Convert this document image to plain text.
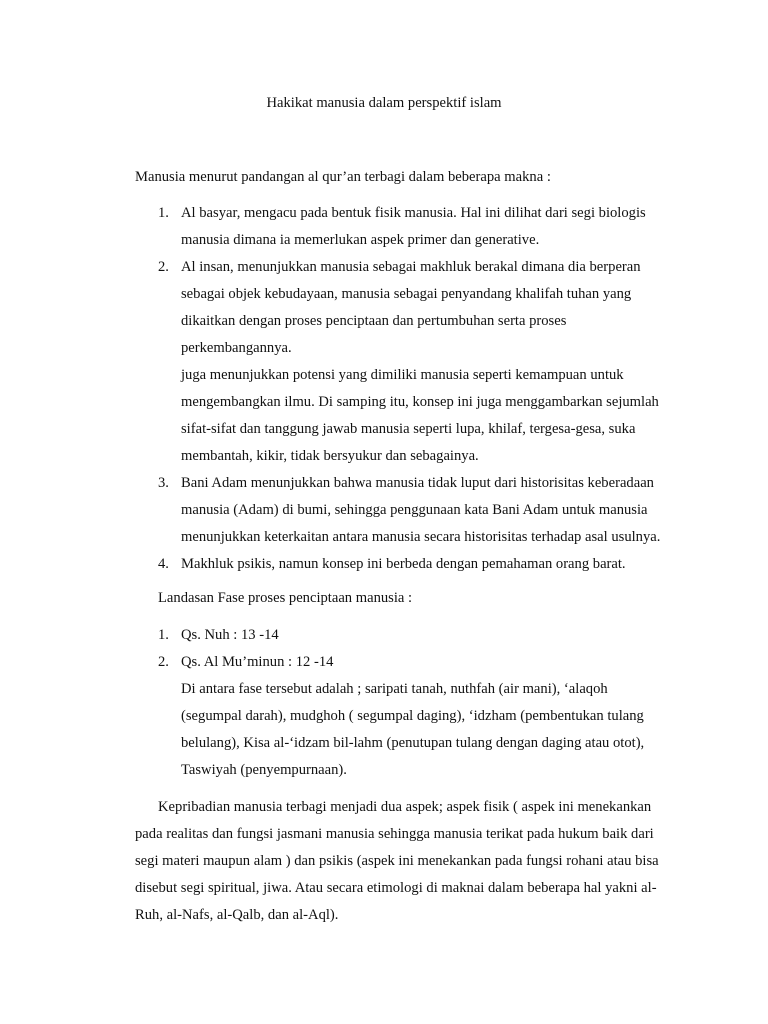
Hakikat manusia dalam perspektif islam
Manusia menurut pandangan al qur’an terbagi dalam beberapa makna :
1. Al basyar, mengacu pada bentuk fisik manusia. Hal ini dilihat dari segi biologis
manusia dimana ia memerlukan aspek primer dan generative.
2. Al insan, menunjukkan manusia sebagai makhluk berakal dimana dia berperan
sebagai objek kebudayaan, manusia sebagai penyandang khalifah tuhan yang
dikaitkan dengan proses penciptaan dan pertumbuhan serta proses
perkembangannya.
juga menunjukkan potensi yang dimiliki manusia seperti kemampuan untuk
mengembangkan ilmu. Di samping itu, konsep ini juga menggambarkan sejumlah
sifat-sifat dan tanggung jawab manusia seperti lupa, khilaf, tergesa-gesa, suka
membantah, kikir, tidak bersyukur dan sebagainya.
3. Bani Adam menunjukkan bahwa manusia tidak luput dari historisitas keberadaan
manusia (Adam) di bumi, sehingga penggunaan kata Bani Adam untuk manusia
menunjukkan keterkaitan antara manusia secara historisitas terhadap asal usulnya.
4. Makhluk psikis, namun konsep ini berbeda dengan pemahaman orang barat.
Landasan Fase proses penciptaan manusia :
1. Qs. Nuh : 13 -14
2. Qs. Al Mu’minun : 12 -14
Di antara fase tersebut adalah ; saripati tanah, nuthfah (air mani), ‘alaqoh
(segumpal darah), mudghoh ( segumpal daging), ‘idzham (pembentukan tulang
belulang), Kisa al-‘idzam bil-lahm (penutupan tulang dengan daging atau otot),
Taswiyah (penyempurnaan).
Kepribadian manusia terbagi menjadi dua aspek; aspek fisik ( aspek ini menekankan
pada realitas dan fungsi jasmani manusia sehingga manusia terikat pada hukum baik dari
segi materi maupun alam ) dan psikis (aspek ini menekankan pada fungsi rohani atau bisa
disebut segi spiritual, jiwa. Atau secara etimologi di maknai dalam beberapa hal yakni al-
Ruh, al-Nafs, al-Qalb, dan al-Aql).
